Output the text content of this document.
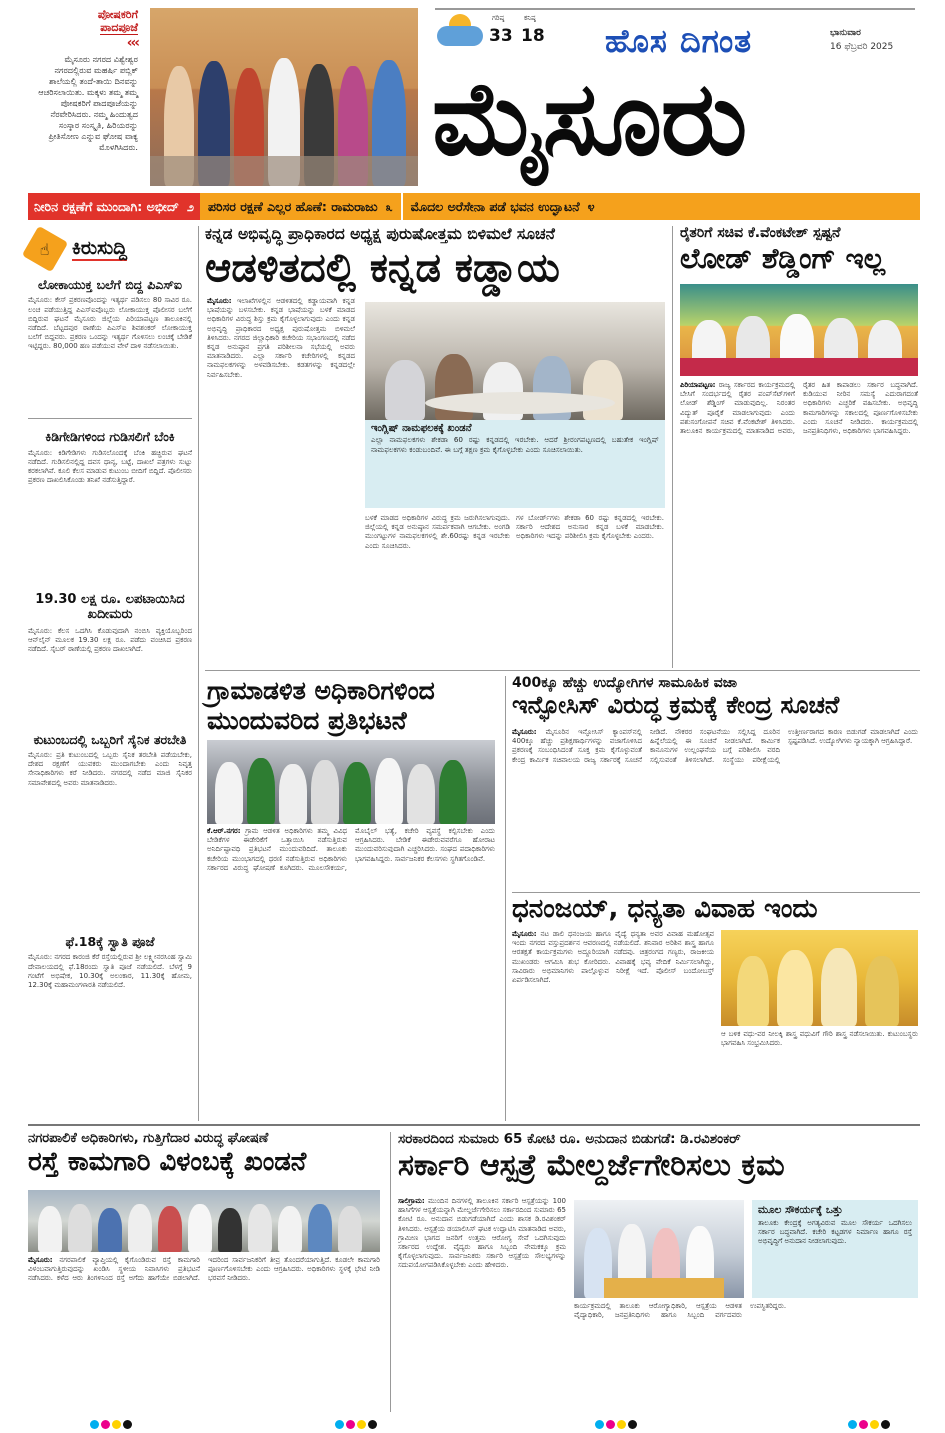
ಪೋಷಕರಿಗೆ
ಪಾದಪೂಜೆ
‹‹‹
ಮೈಸೂರು ನಗರದ ವಿಶ್ವೇಶ್ವರ ನಗರದಲ್ಲಿರುವ ಮಹರ್ಷಿ ಪಬ್ಲಿಕ್ ಶಾಲೆಯಲ್ಲಿ ತಂದೆ-ತಾಯಿ ದಿನವನ್ನು ಆಚರಿಸಲಾಯಿತು. ಮಕ್ಕಳು ತಮ್ಮ ತಮ್ಮ ಪೋಷಕರಿಗೆ ಪಾದಪೂಜೆಯನ್ನು ನೆರವೇರಿಸಿದರು. ನಮ್ಮ ಹಿಂದುತ್ವದ ಸಂಸ್ಕಾರ ಸಂಸ್ಕೃತಿ, ಹಿರಿಯರನ್ನು ಪ್ರೀತಿಸೋಣ ಎನ್ನುವ ಘೋಷ ವಾಕ್ಯ ಮೊಳಗಿಸಿದರು.
ಗರಿಷ್ಠ	ಕನಿಷ್ಠ
33 18 ಹೊಸ ದಿಗಂತ	ಭಾನುವಾರ
16 ಫೆಬ್ರವರಿ 2025
ಮೈಸೂರು
ನೀರಿನ ರಕ್ಷಣೆಗೆ ಮುಂದಾಗಿ: ಅಭೀದ್ ೨ ಪರಿಸರ ರಕ್ಷಣೆ ಎಲ್ಲರ ಹೊಣೆ: ರಾಮರಾಜು ೩ ಮೊದಲ ಅರೆಸೇನಾ ಪಡೆ ಭವನ ಉದ್ಘಾಟನೆ ೪
☝ ಕಿರುಸುದ್ದಿ

ಲೋಕಾಯುಕ್ತ ಬಲೆಗೆ ಬಿದ್ದ ಪಿಎಸ್‌ಐ

ಮೈಸೂರು: ಕೇಸ್ ಪ್ರಕರಣವೊಂದನ್ನು ಇತ್ಯರ್ಥ ಪಡಿಸಲು 80 ಸಾವಿರ ರೂ. ಲಂಚ ಪಡೆಯುತ್ತಿದ್ದ ಪಿಎಸ್‌ಐವೊಬ್ಬರು ಲೋಕಾಯುಕ್ತ ಪೊಲೀಸರ ಬಲೆಗೆ ಬಿದ್ದಿರುವ ಘಟನೆ ಮೈಸೂರು ಜಿಲ್ಲೆಯ ಪಿರಿಯಾಪಟ್ಟಣ ತಾಲೂಕಿನಲ್ಲಿ ನಡೆದಿದೆ. ಬೆಟ್ಟದಪುರ ಠಾಣೆಯ ಪಿಎಸ್‌ಐ ಶಿವಶಂಕರ್ ಲೋಕಾಯುಕ್ತ ಬಲೆಗೆ ಬಿದ್ದವರು. ಪ್ರಕರಣ ಒಂದನ್ನು ಇತ್ಯರ್ಥ ಗೊಳಿಸಲು ಲಂಚಕ್ಕೆ ಬೇಡಿಕೆ ಇಟ್ಟಿದ್ದರು. 80,000 ಹಣ ಪಡೆಯುವ ವೇಳೆ ದಾಳಿ ನಡೆಸಲಾಯಿತು.

ಕಿಡಿಗೇಡಿಗಳಿಂದ ಗುಡಿಸಲಿಗೆ ಬೆಂಕಿ

ಮೈಸೂರು: ಕಿಡಿಗೇಡಿಗಳು ಗುಡಿಸಲೊಂದಕ್ಕೆ ಬೆಂಕಿ ಹಚ್ಚಿರುವ ಘಟನೆ ನಡೆದಿದೆ. ಗುಡಿಸಲಿನಲ್ಲಿದ್ದ ದವಸ ಧಾನ್ಯ, ಬಟ್ಟೆ, ದಾಖಲೆ ಪತ್ರಗಳು ಸುಟ್ಟು ಕರಕಲಾಗಿವೆ. ಕೂಲಿ ಕೆಲಸ ಮಾಡುವ ಕುಟುಂಬ ಬೀದಿಗೆ ಬಿದ್ದಿದೆ. ಪೊಲೀಸರು ಪ್ರಕರಣ ದಾಖಲಿಸಿಕೊಂಡು ತನಿಖೆ ನಡೆಸುತ್ತಿದ್ದಾರೆ.

19.30 ಲಕ್ಷ ರೂ. ಲಪಟಾಯಿಸಿದ ಖದೀಮರು

ಮೈಸೂರು: ಕೆಲಸ ಒದಗಿಸಿ ಕೊಡುವುದಾಗಿ ನಂಬಿಸಿ ವ್ಯಕ್ತಿಯೊಬ್ಬರಿಂದ ಆನ್‌ಲೈನ್ ಮೂಲಕ 19.30 ಲಕ್ಷ ರೂ. ಪಡೆದು ವಂಚಿಸಿದ ಪ್ರಕರಣ ನಡೆದಿದೆ. ಸೈಬರ್ ಠಾಣೆಯಲ್ಲಿ ಪ್ರಕರಣ ದಾಖಲಾಗಿದೆ.

ಕುಟುಂಬದಲ್ಲಿ ಒಬ್ಬರಿಗೆ ಸೈನಿಕ ತರಬೇತಿ

ಮೈಸೂರು: ಪ್ರತಿ ಕುಟುಂಬದಲ್ಲಿ ಒಬ್ಬರು ಸೈನಿಕ ತರಬೇತಿ ಪಡೆಯಬೇಕು, ದೇಶದ ರಕ್ಷಣೆಗೆ ಯುವಕರು ಮುಂದಾಗಬೇಕು ಎಂದು ನಿವೃತ್ತ ಸೇನಾಧಿಕಾರಿಗಳು ಕರೆ ನೀಡಿದರು. ನಗರದಲ್ಲಿ ನಡೆದ ಮಾಜಿ ಸೈನಿಕರ ಸಮಾವೇಶದಲ್ಲಿ ಅವರು ಮಾತನಾಡಿದರು.

ಫೆ.18ಕ್ಕೆ ಸ್ವಾತಿ ಪೂಜೆ

ಮೈಸೂರು: ನಗರದ ಕಾರಂಜಿ ಕೆರೆ ರಸ್ತೆಯಲ್ಲಿರುವ ಶ್ರೀ ಲಕ್ಷ್ಮೀನರಸಿಂಹ ಸ್ವಾಮಿ ದೇವಾಲಯದಲ್ಲಿ ಫೆ.18ರಂದು ಸ್ವಾತಿ ಪೂಜೆ ನಡೆಯಲಿದೆ. ಬೆಳಗ್ಗೆ 9 ಗಂಟೆಗೆ ಅಭಿಷೇಕ, 10.30ಕ್ಕೆ ಅಲಂಕಾರ, 11.30ಕ್ಕೆ ಹೋಮ, 12.30ಕ್ಕೆ ಮಹಾಮಂಗಳಾರತಿ ನಡೆಯಲಿದೆ.
ಕನ್ನಡ ಅಭಿವೃದ್ಧಿ ಪ್ರಾಧಿಕಾರದ ಅಧ್ಯಕ್ಷ ಪುರುಷೋತ್ತಮ ಬಿಳಿಮಲೆ ಸೂಚನೆ
ಆಡಳಿತದಲ್ಲಿ ಕನ್ನಡ ಕಡ್ಡಾಯ
ಮೈಸೂರು: ಇಲಾಖೆಗಳಲ್ಲಿನ ಆಡಳಿತದಲ್ಲಿ ಕಡ್ಡಾಯವಾಗಿ ಕನ್ನಡ ಭಾಷೆಯನ್ನು ಬಳಸಬೇಕು. ಕನ್ನಡ ಭಾಷೆಯನ್ನು ಬಳಕೆ ಮಾಡದ ಅಧಿಕಾರಿಗಳ ವಿರುದ್ಧ ಶಿಸ್ತು ಕ್ರಮ ಕೈಗೊಳ್ಳಲಾಗುವುದು ಎಂದು ಕನ್ನಡ ಅಭಿವೃದ್ಧಿ ಪ್ರಾಧಿಕಾರದ ಅಧ್ಯಕ್ಷ ಪುರುಷೋತ್ತಮ ಬಿಳಿಮಲೆ ತಿಳಿಸಿದರು. ನಗರದ ಜಿಲ್ಲಾಧಿಕಾರಿ ಕಚೇರಿಯ ಸಭಾಂಗಣದಲ್ಲಿ ನಡೆದ ಕನ್ನಡ ಅನುಷ್ಠಾನ ಪ್ರಗತಿ ಪರಿಶೀಲನಾ ಸಭೆಯಲ್ಲಿ ಅವರು ಮಾತನಾಡಿದರು. ಎಲ್ಲಾ ಸರ್ಕಾರಿ ಕಚೇರಿಗಳಲ್ಲಿ ಕನ್ನಡದ ನಾಮಫಲಕಗಳನ್ನು ಅಳವಡಿಸಬೇಕು. ಕಡತಗಳನ್ನು ಕನ್ನಡದಲ್ಲೇ ನಿರ್ವಹಿಸಬೇಕು.
ಇಂಗ್ಲಿಷ್ ನಾಮಫಲಕಕ್ಕೆ ಖಂಡನೆ
ಎಲ್ಲಾ ನಾಮಫಲಕಗಳು ಶೇಕಡಾ 60 ರಷ್ಟು ಕನ್ನಡದಲ್ಲಿ ಇರಬೇಕು. ಆದರೆ ಶ್ರೀರಂಗಪಟ್ಟಣದಲ್ಲಿ ಬಹುತೇಕ ಇಂಗ್ಲಿಷ್ ನಾಮಫಲಕಗಳು ಕಂಡುಬಂದಿವೆ. ಈ ಬಗ್ಗೆ ತಕ್ಷಣ ಕ್ರಮ ಕೈಗೊಳ್ಳಬೇಕು ಎಂದು ಸೂಚಿಸಲಾಯಿತು.
ಬಳಕೆ ಮಾಡದ ಅಧಿಕಾರಿಗಳ ವಿರುದ್ಧ ಕ್ರಮ ಜರುಗಿಸಲಾಗುವುದು. ಜಿಲ್ಲೆಯಲ್ಲಿ ಕನ್ನಡ ಅನುಷ್ಠಾನ ಸಮರ್ಪಕವಾಗಿ ಆಗಬೇಕು. ಅಂಗಡಿ ಮುಂಗಟ್ಟುಗಳ ನಾಮಫಲಕಗಳಲ್ಲಿ ಶೇ.60ರಷ್ಟು ಕನ್ನಡ ಇರಬೇಕು ಎಂದು ಸೂಚಿಸಿದರು.
ಗಳ ಬೋರ್ಡ್‌ಗಳು ಶೇಕಡಾ 60 ರಷ್ಟು ಕನ್ನಡದಲ್ಲಿ ಇರಬೇಕು. ಸರ್ಕಾರಿ ಆದೇಶದ ಅನುಸಾರ ಕನ್ನಡ ಬಳಕೆ ಮಾಡಬೇಕು. ಅಧಿಕಾರಿಗಳು ಇದನ್ನು ಪರಿಶೀಲಿಸಿ ಕ್ರಮ ಕೈಗೊಳ್ಳಬೇಕು ಎಂದರು.
ರೈತರಿಗೆ ಸಚಿವ ಕೆ.ವೆಂಕಟೇಶ್ ಸ್ಪಷ್ಟನೆ
ಲೋಡ್ ಶೆಡ್ಡಿಂಗ್ ಇಲ್ಲ
ಪಿರಿಯಾಪಟ್ಟಣ: ರಾಜ್ಯ ಸರ್ಕಾರದ ಕಾರ್ಯಕ್ರಮದಲ್ಲಿ ಬೇಸಿಗೆ ಸಂದರ್ಭದಲ್ಲಿ ರೈತರ ಪಂಪ್‌ಸೆಟ್‌ಗಳಿಗೆ ಲೋಡ್ ಶೆಡ್ಡಿಂಗ್ ಮಾಡುವುದಿಲ್ಲ. ನಿರಂತರ ವಿದ್ಯುತ್ ಪೂರೈಕೆ ಮಾಡಲಾಗುವುದು ಎಂದು ಪಶುಸಂಗೋಪನೆ ಸಚಿವ ಕೆ.ವೆಂಕಟೇಶ್ ತಿಳಿಸಿದರು. ತಾಲೂಕಿನ ಕಾರ್ಯಕ್ರಮದಲ್ಲಿ ಮಾತನಾಡಿದ ಅವರು, ರೈತರ ಹಿತ ಕಾಪಾಡಲು ಸರ್ಕಾರ ಬದ್ಧವಾಗಿದೆ. ಕುಡಿಯುವ ನೀರಿನ ಸಮಸ್ಯೆ ಎದುರಾಗದಂತೆ ಅಧಿಕಾರಿಗಳು ಎಚ್ಚರಿಕೆ ವಹಿಸಬೇಕು. ಅಭಿವೃದ್ಧಿ ಕಾಮಗಾರಿಗಳನ್ನು ಸಕಾಲದಲ್ಲಿ ಪೂರ್ಣಗೊಳಿಸಬೇಕು ಎಂದು ಸೂಚನೆ ನೀಡಿದರು. ಕಾರ್ಯಕ್ರಮದಲ್ಲಿ ಜನಪ್ರತಿನಿಧಿಗಳು, ಅಧಿಕಾರಿಗಳು ಭಾಗವಹಿಸಿದ್ದರು.
ಗ್ರಾಮಾಡಳಿತ ಅಧಿಕಾರಿಗಳಿಂದ ಮುಂದುವರಿದ ಪ್ರತಿಭಟನೆ
ಕೆ.ಆರ್.ನಗರ: ಗ್ರಾಮ ಆಡಳಿತ ಅಧಿಕಾರಿಗಳು ತಮ್ಮ ವಿವಿಧ ಬೇಡಿಕೆಗಳ ಈಡೇರಿಕೆಗೆ ಒತ್ತಾಯಿಸಿ ನಡೆಸುತ್ತಿರುವ ಅನಿರ್ದಿಷ್ಟಾವಧಿ ಪ್ರತಿಭಟನೆ ಮುಂದುವರಿದಿದೆ. ತಾಲೂಕು ಕಚೇರಿಯ ಮುಂಭಾಗದಲ್ಲಿ ಧರಣಿ ನಡೆಸುತ್ತಿರುವ ಅಧಿಕಾರಿಗಳು ಸರ್ಕಾರದ ವಿರುದ್ಧ ಘೋಷಣೆ ಕೂಗಿದರು. ಮೂಲಸೌಕರ್ಯ, ಮೊಬೈಲ್ ಭತ್ಯೆ, ಕಚೇರಿ ವ್ಯವಸ್ಥೆ ಕಲ್ಪಿಸಬೇಕು ಎಂದು ಆಗ್ರಹಿಸಿದರು. ಬೇಡಿಕೆ ಈಡೇರುವವರೆಗೂ ಹೋರಾಟ ಮುಂದುವರಿಸುವುದಾಗಿ ಎಚ್ಚರಿಸಿದರು. ಸಂಘದ ಪದಾಧಿಕಾರಿಗಳು ಭಾಗವಹಿಸಿದ್ದರು. ಸಾರ್ವಜನಿಕರ ಕೆಲಸಗಳು ಸ್ಥಗಿತಗೊಂಡಿವೆ.
400ಕ್ಕೂ ಹೆಚ್ಚು ಉದ್ಯೋಗಿಗಳ ಸಾಮೂಹಿಕ ವಜಾ
ಇನ್ಫೋಸಿಸ್ ವಿರುದ್ಧ ಕ್ರಮಕ್ಕೆ ಕೇಂದ್ರ ಸೂಚನೆ
ಮೈಸೂರು: ಮೈಸೂರಿನ ಇನ್ಫೋಸಿಸ್ ಕ್ಯಾಂಪಸ್‌ನಲ್ಲಿ 400ಕ್ಕೂ ಹೆಚ್ಚು ಪ್ರಶಿಕ್ಷಣಾರ್ಥಿಗಳನ್ನು ವಜಾಗೊಳಿಸಿದ ಪ್ರಕರಣಕ್ಕೆ ಸಂಬಂಧಿಸಿದಂತೆ ಸೂಕ್ತ ಕ್ರಮ ಕೈಗೊಳ್ಳುವಂತೆ ಕೇಂದ್ರ ಕಾರ್ಮಿಕ ಸಚಿವಾಲಯ ರಾಜ್ಯ ಸರ್ಕಾರಕ್ಕೆ ಸೂಚನೆ ನೀಡಿದೆ. ನೌಕರರ ಸಂಘಟನೆಯು ಸಲ್ಲಿಸಿದ್ದ ದೂರಿನ ಹಿನ್ನೆಲೆಯಲ್ಲಿ ಈ ಸೂಚನೆ ನೀಡಲಾಗಿದೆ. ಕಾರ್ಮಿಕ ಕಾನೂನುಗಳ ಉಲ್ಲಂಘನೆಯ ಬಗ್ಗೆ ಪರಿಶೀಲಿಸಿ ವರದಿ ಸಲ್ಲಿಸುವಂತೆ ತಿಳಿಸಲಾಗಿದೆ. ಸಂಸ್ಥೆಯು ಪರೀಕ್ಷೆಯಲ್ಲಿ ಉತ್ತೀರ್ಣರಾಗದ ಕಾರಣ ಬಿಡುಗಡೆ ಮಾಡಲಾಗಿದೆ ಎಂದು ಸ್ಪಷ್ಟಪಡಿಸಿದೆ. ಉದ್ಯೋಗಿಗಳು ನ್ಯಾಯಕ್ಕಾಗಿ ಆಗ್ರಹಿಸಿದ್ದಾರೆ.
ಧನಂಜಯ್, ಧನ್ಯತಾ ವಿವಾಹ ಇಂದು
ಮೈಸೂರು: ನಟ ಡಾಲಿ ಧನಂಜಯ ಹಾಗೂ ವೈದ್ಯೆ ಧನ್ಯತಾ ಅವರ ವಿವಾಹ ಮಹೋತ್ಸವ ಇಂದು ನಗರದ ವಸ್ತುಪ್ರದರ್ಶನ ಆವರಣದಲ್ಲಿ ನಡೆಯಲಿದೆ. ಶನಿವಾರ ಅರಿಶಿನ ಶಾಸ್ತ್ರ ಹಾಗೂ ಆರತಕ್ಷತೆ ಕಾರ್ಯಕ್ರಮಗಳು ಅದ್ದೂರಿಯಾಗಿ ನಡೆದವು. ಚಿತ್ರರಂಗದ ಗಣ್ಯರು, ರಾಜಕೀಯ ಮುಖಂಡರು ಆಗಮಿಸಿ ಶುಭ ಕೋರಿದರು. ವಿವಾಹಕ್ಕೆ ಭವ್ಯ ವೇದಿಕೆ ನಿರ್ಮಿಸಲಾಗಿದ್ದು, ಸಾವಿರಾರು ಅಭಿಮಾನಿಗಳು ಪಾಲ್ಗೊಳ್ಳುವ ನಿರೀಕ್ಷೆ ಇದೆ. ಪೊಲೀಸ್ ಬಂದೋಬಸ್ತ್ ಏರ್ಪಡಿಸಲಾಗಿದೆ.
ಆ ಬಳಿಕ ವಧು-ವರ ನೀಲಕ್ಕಿ ಶಾಸ್ತ್ರ ವಧುವಿಗೆ ಗೌರಿ ಶಾಸ್ತ್ರ ನಡೆಸಲಾಯಿತು. ಕುಟುಂಬಸ್ಥರು ಭಾಗವಹಿಸಿ ಸಂಭ್ರಮಿಸಿದರು.
ನಗರಪಾಲಿಕೆ ಅಧಿಕಾರಿಗಳು, ಗುತ್ತಿಗೆದಾರ ವಿರುದ್ಧ ಘೋಷಣೆ
ರಸ್ತೆ ಕಾಮಗಾರಿ ವಿಳಂಬಕ್ಕೆ ಖಂಡನೆ
ಮೈಸೂರು: ನಗರಪಾಲಿಕೆ ವ್ಯಾಪ್ತಿಯಲ್ಲಿ ಕೈಗೊಂಡಿರುವ ರಸ್ತೆ ಕಾಮಗಾರಿ ವಿಳಂಬವಾಗುತ್ತಿರುವುದನ್ನು ಖಂಡಿಸಿ ಸ್ಥಳೀಯ ನಿವಾಸಿಗಳು ಪ್ರತಿಭಟನೆ ನಡೆಸಿದರು. ಕಳೆದ ಆರು ತಿಂಗಳಿನಿಂದ ರಸ್ತೆ ಅಗೆದು ಹಾಗೆಯೇ ಬಿಡಲಾಗಿದೆ. ಇದರಿಂದ ಸಾರ್ವಜನಿಕರಿಗೆ ತೀವ್ರ ತೊಂದರೆಯಾಗುತ್ತಿದೆ. ಕೂಡಲೇ ಕಾಮಗಾರಿ ಪೂರ್ಣಗೊಳಿಸಬೇಕು ಎಂದು ಆಗ್ರಹಿಸಿದರು. ಅಧಿಕಾರಿಗಳು ಸ್ಥಳಕ್ಕೆ ಭೇಟಿ ನೀಡಿ ಭರವಸೆ ನೀಡಿದರು.
ಸರಕಾರದಿಂದ ಸುಮಾರು 65 ಕೋಟಿ ರೂ. ಅನುದಾನ ಬಿಡುಗಡೆ: ಡಿ.ರವಿಶಂಕರ್
ಸರ್ಕಾರಿ ಆಸ್ಪತ್ರೆ ಮೇಲ್ದರ್ಜೆಗೇರಿಸಲು ಕ್ರಮ
ಸಾಲಿಗ್ರಾಮ: ಮುಂದಿನ ದಿನಗಳಲ್ಲಿ ತಾಲೂಕಿನ ಸರ್ಕಾರಿ ಆಸ್ಪತ್ರೆಯನ್ನು 100 ಹಾಸಿಗೆಗಳ ಆಸ್ಪತ್ರೆಯನ್ನಾಗಿ ಮೇಲ್ದರ್ಜೆಗೇರಿಸಲು ಸರ್ಕಾರದಿಂದ ಸುಮಾರು 65 ಕೋಟಿ ರೂ. ಅನುದಾನ ಬಿಡುಗಡೆಯಾಗಿದೆ ಎಂದು ಶಾಸಕ ಡಿ.ರವಿಶಂಕರ್ ತಿಳಿಸಿದರು. ಆಸ್ಪತ್ರೆಯ ಡಯಾಲಿಸಿಸ್ ಘಟಕ ಉದ್ಘಾಟಿಸಿ ಮಾತನಾಡಿದ ಅವರು, ಗ್ರಾಮೀಣ ಭಾಗದ ಜನರಿಗೆ ಉತ್ತಮ ಆರೋಗ್ಯ ಸೇವೆ ಒದಗಿಸುವುದು ಸರ್ಕಾರದ ಉದ್ದೇಶ. ವೈದ್ಯರು ಹಾಗೂ ಸಿಬ್ಬಂದಿ ನೇಮಕಕ್ಕೂ ಕ್ರಮ ಕೈಗೊಳ್ಳಲಾಗುವುದು. ಸಾರ್ವಜನಿಕರು ಸರ್ಕಾರಿ ಆಸ್ಪತ್ರೆಯ ಸೌಲಭ್ಯಗಳನ್ನು ಸದುಪಯೋಗಪಡಿಸಿಕೊಳ್ಳಬೇಕು ಎಂದು ಹೇಳಿದರು.
ಮೂಲ ಸೌಕರ್ಯಕ್ಕೆ ಒತ್ತು
ತಾಲೂಕು ಕೇಂದ್ರಕ್ಕೆ ಅಗತ್ಯವಿರುವ ಮೂಲ ಸೌಕರ್ಯ ಒದಗಿಸಲು ಸರ್ಕಾರ ಬದ್ಧವಾಗಿದೆ. ಕಚೇರಿ ಕಟ್ಟಡಗಳ ನಿರ್ಮಾಣ ಹಾಗೂ ರಸ್ತೆ ಅಭಿವೃದ್ಧಿಗೆ ಅನುದಾನ ನೀಡಲಾಗುವುದು.
ಕಾರ್ಯಕ್ರಮದಲ್ಲಿ ತಾಲೂಕು ಆರೋಗ್ಯಾಧಿಕಾರಿ, ಆಸ್ಪತ್ರೆಯ ಆಡಳಿತ ವೈದ್ಯಾಧಿಕಾರಿ, ಜನಪ್ರತಿನಿಧಿಗಳು ಹಾಗೂ ಸಿಬ್ಬಂದಿ ವರ್ಗದವರು ಉಪಸ್ಥಿತರಿದ್ದರು.
